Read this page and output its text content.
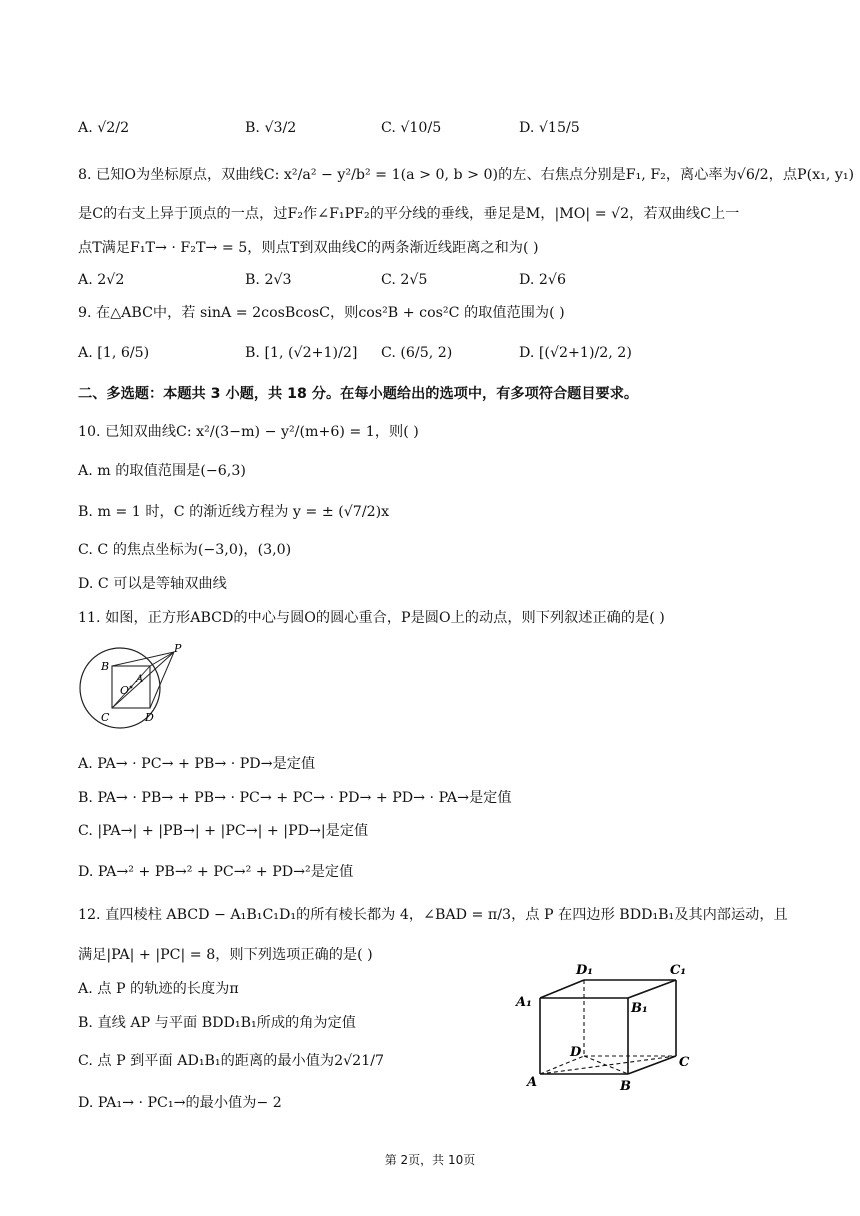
A. √2/2	B. √3/2	C. √10/5	D. √15/5
8. 已知O为坐标原点，双曲线C: x²/a² − y²/b² = 1(a > 0, b > 0)的左、右焦点分别是F₁, F₂，离心率为√6/2，点P(x₁, y₁)
是C的右支上异于顶点的一点，过F₂作∠F₁PF₂的平分线的垂线，垂足是M，|MO| = √2，若双曲线C上一
点T满足F₁T→ · F₂T→ = 5，则点T到双曲线C的两条渐近线距离之和为( )
A. 2√2	B. 2√3	C. 2√5	D. 2√6
9. 在△ABC中，若 sinA = 2cosBcosC，则cos²B + cos²C 的取值范围为( )
A. [1, 6/5)	B. [1, (√2+1)/2] C. (6/5, 2)	D. [(√2+1)/2, 2)
二、多选题：本题共 3 小题，共 18 分。在每小题给出的选项中，有多项符合题目要求。
10. 已知双曲线C: x²/(3−m) − y²/(m+6) = 1，则( )
A. m 的取值范围是(−6,3)
B. m = 1 时，C 的渐近线方程为 y = ± (√7/2)x
C. C 的焦点坐标为(−3,0)，(3,0)
D. C 可以是等轴双曲线
11. 如图，正方形ABCD的中心与圆O的圆心重合，P是圆O上的动点，则下列叙述正确的是( )
P
B
A
O
C	D
A. PA→ · PC→ + PB→ · PD→是定值
B. PA→ · PB→ + PB→ · PC→ + PC→ · PD→ + PD→ · PA→是定值
C. |PA→| + |PB→| + |PC→| + |PD→|是定值
D. PA→² + PB→² + PC→² + PD→²是定值
12. 直四棱柱 ABCD − A₁B₁C₁D₁的所有棱长都为 4，∠BAD = π/3，点 P 在四边形 BDD₁B₁及其内部运动，且
满足|PA| + |PC| = 8，则下列选项正确的是( )
A. 点 P 的轨迹的长度为π
B. 直线 AP 与平面 BDD₁B₁所成的角为定值
C. 点 P 到平面 AD₁B₁的距离的最小值为2√21/7
D. PA₁→ · PC₁→的最小值为− 2
D₁	C₁
A₁	B₁
D
C
A	B
第 2页，共 10页
